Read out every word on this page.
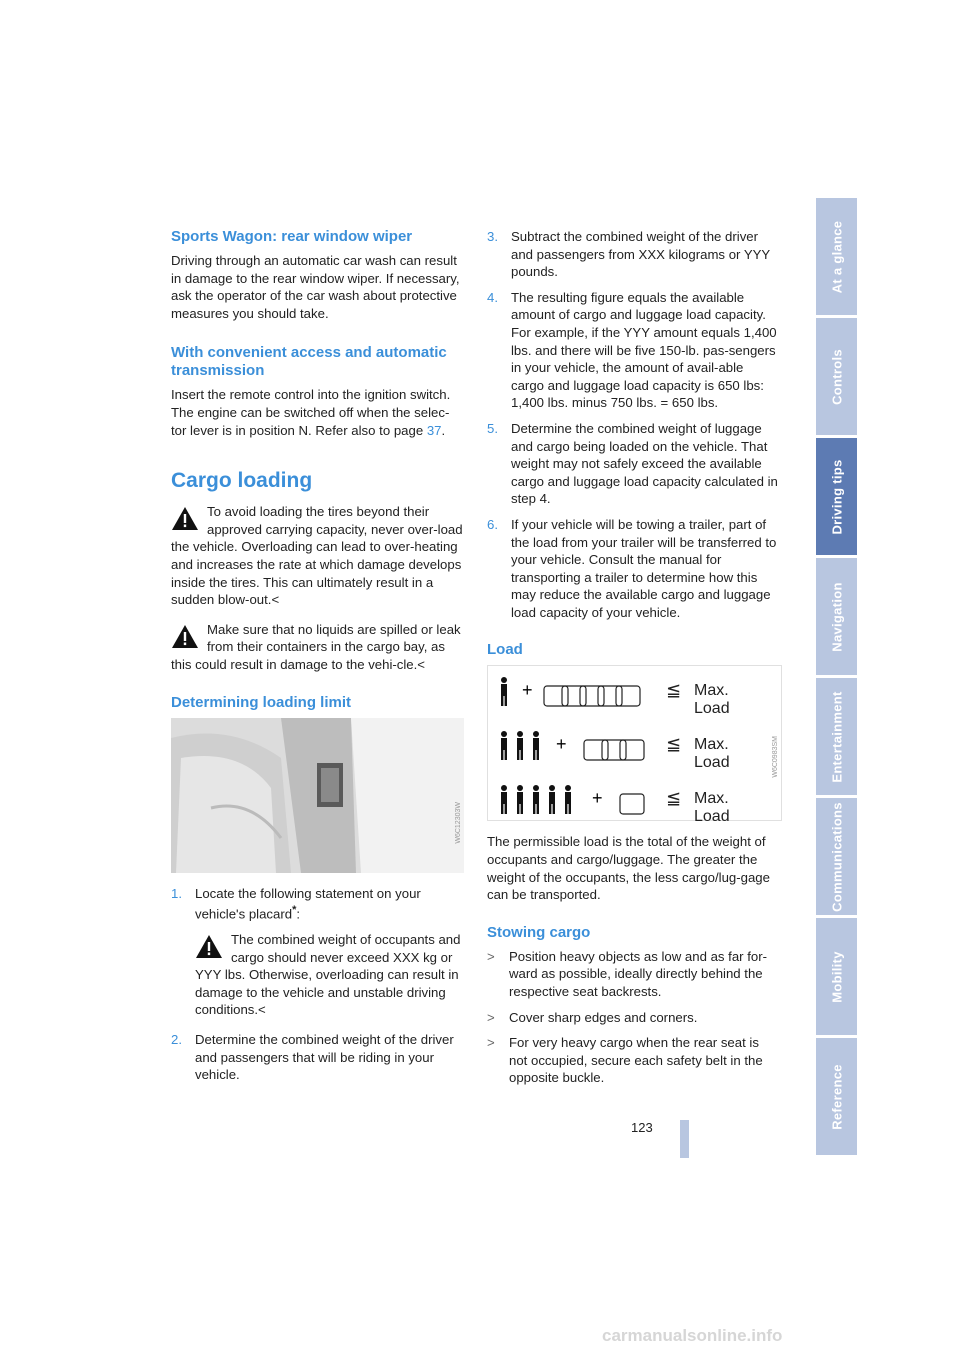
Sports Wagon: rear window wiper

Driving through an automatic car wash can result in damage to the rear window wiper. If necessary, ask the operator of the car wash about protective measures you should take.

With convenient access and automatic transmission

Insert the remote control into the ignition switch.

The engine can be switched off when the selec-tor lever is in position N. Refer also to page 37.

Cargo loading
To avoid loading the tires beyond their approved carrying capacity, never over-load the vehicle. Overloading can lead to over-heating and increases the rate at which damage develops inside the tires. This can ultimately result in a sudden blow-out.<
Make sure that no liquids are spilled or leak from their containers in the cargo bay, as this could result in damage to the vehi-cle.<
Determining loading limit
W6C12303W
1. Locate the following statement on your vehicle's placard*:
The combined weight of occupants and cargo should never exceed XXX kg or YYY lbs. Otherwise, overloading can result in damage to the vehicle and unstable driving conditions.<
2. Determine the combined weight of the driver and passengers that will be riding in your vehicle.
3. Subtract the combined weight of the driver and passengers from XXX kilograms or YYY pounds.
4. The resulting figure equals the available amount of cargo and luggage load capacity. For example, if the YYY amount equals 1,400 lbs. and there will be five 150-lb. pas-sengers in your vehicle, the amount of avail-able cargo and luggage load capacity is 650 lbs:
1,400 lbs. minus 750 lbs. = 650 lbs.
5. Determine the combined weight of luggage and cargo being loaded on the vehicle. That weight may not safely exceed the available cargo and luggage load capacity calculated in step 4.
6. If your vehicle will be towing a trailer, part of the load from your trailer will be transferred to your vehicle. Consult the manual for transporting a trailer to determine how this may reduce the available cargo and luggage load capacity of your vehicle.
Load
+	≦ Max. Load
+	≦ Max. Load
+	≦ Max. Load
W6C0983SM

The permissible load is the total of the weight of occupants and cargo/luggage. The greater the weight of the occupants, the less cargo/lug-gage can be transported.

Stowing cargo
> Position heavy objects as low and as far for-ward as possible, ideally directly behind the respective seat backrests.
> Cover sharp edges and corners.
> For very heavy cargo when the rear seat is not occupied, secure each safety belt in the opposite buckle.
At a glance
Controls
Driving tips
Navigation
Entertainment
Communications
Mobility
Reference
123
carmanualsonline.info
